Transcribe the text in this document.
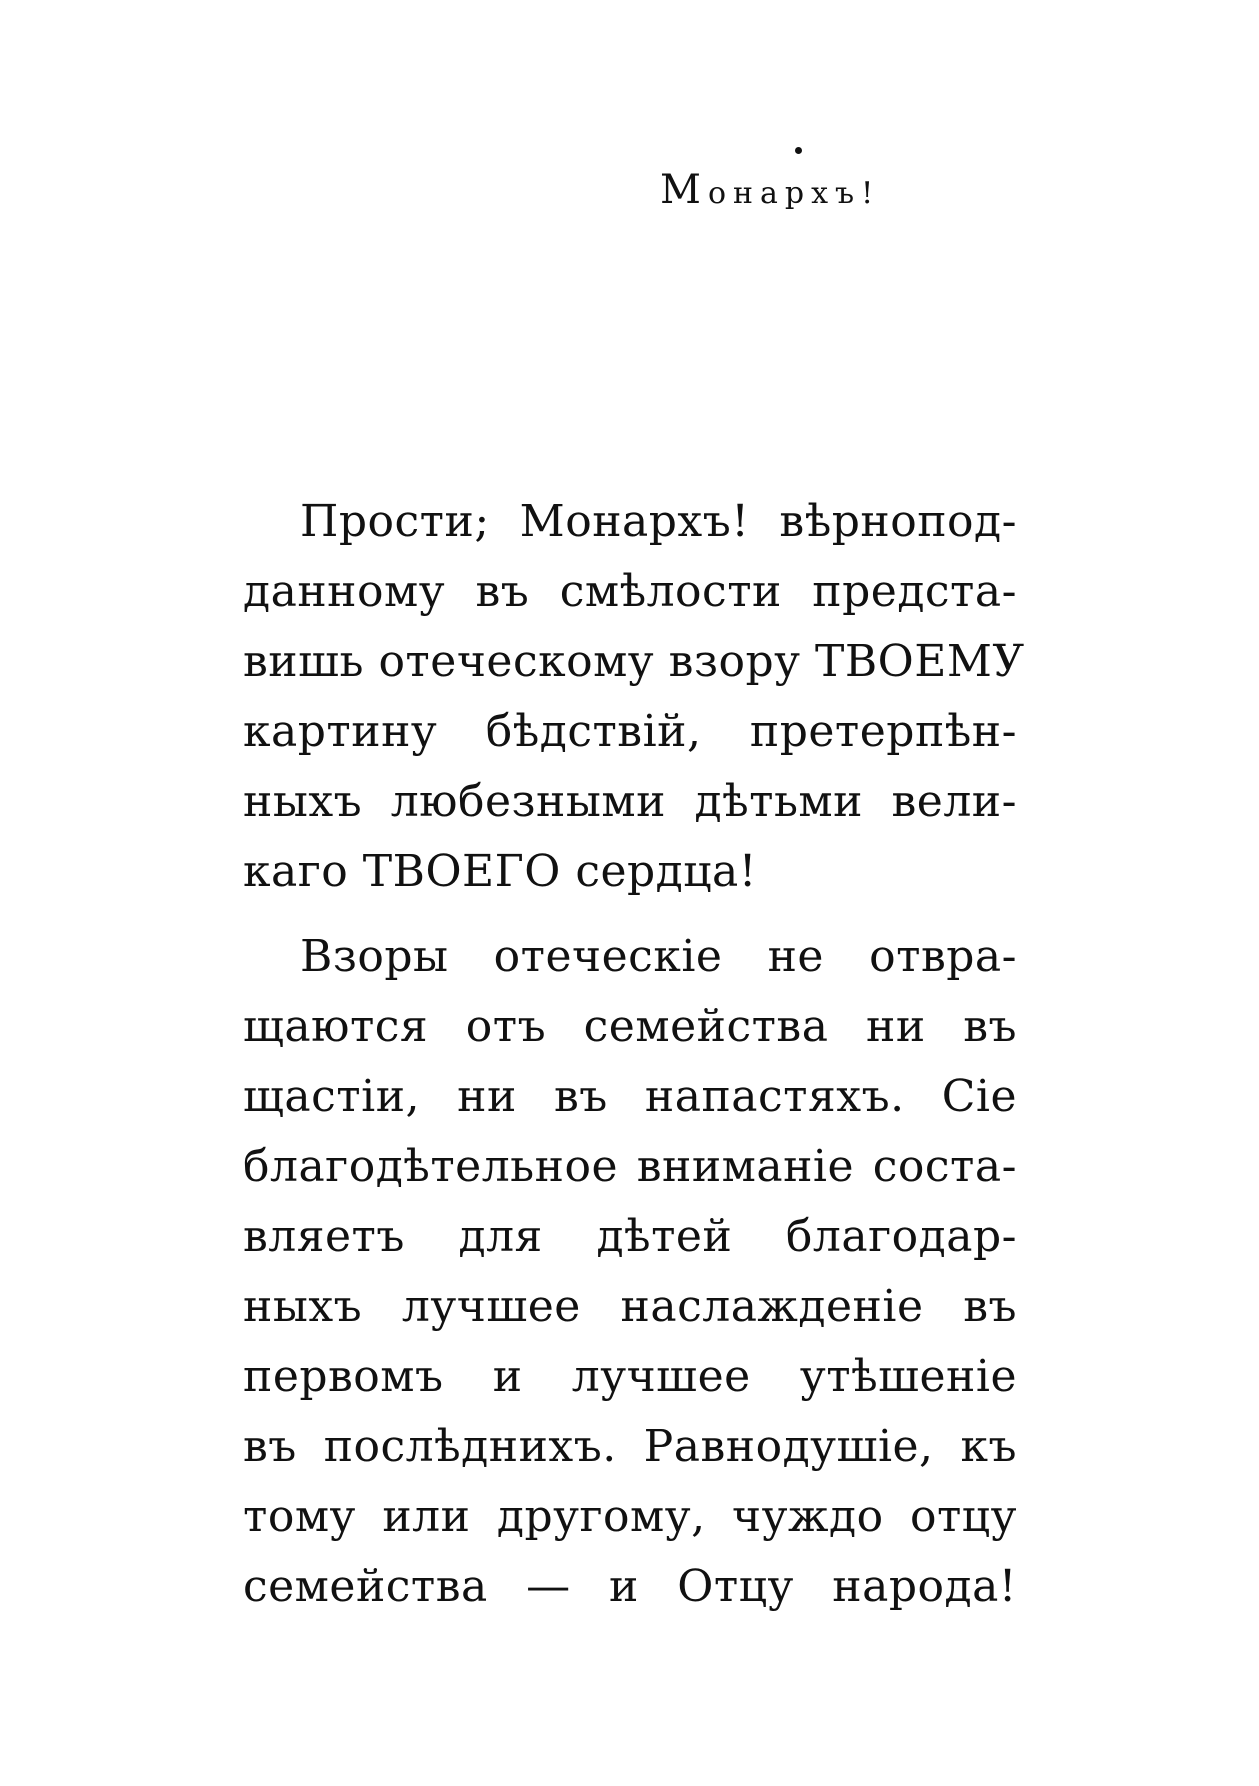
Монархъ!
Прости; Монархъ! вѣрнопод-
данному въ смѣлости предста-
вишь отеческому взору ТВОЕМУ
картину бѣдствій, претерпѣн-
ныхъ любезными дѣтьми вели-
каго ТВОЕГО сердца!
Взоры отеческіе не отвра-
щаются отъ семейства ни въ
щастіи, ни въ напастяхъ. Сіе
благодѣтельное вниманіе соста-
вляетъ для дѣтей благодар-
ныхъ лучшее наслажденіе въ
первомъ и лучшее утѣшеніе
въ послѣднихъ. Равнодушіе, къ
тому или другому, чуждо отцу
семейства — и Отцу народа!
